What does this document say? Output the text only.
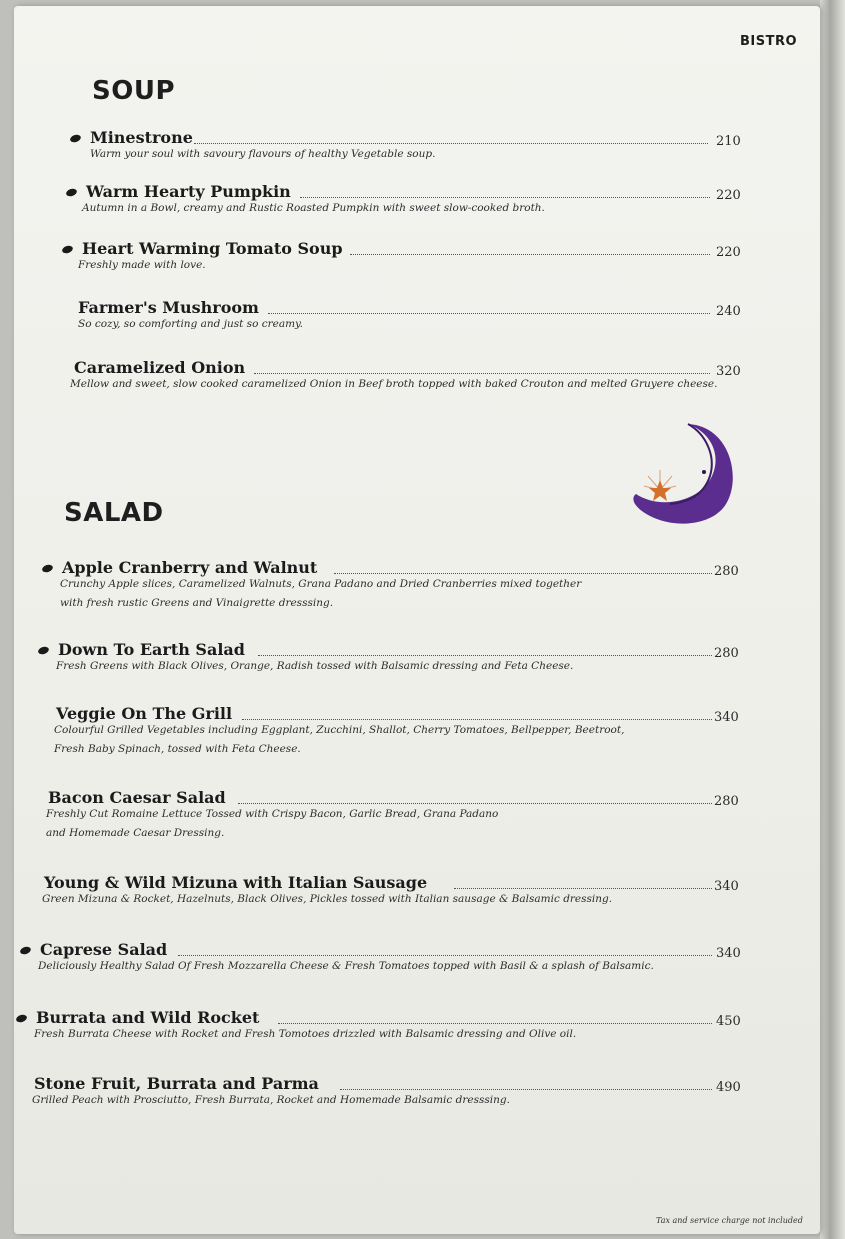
BISTRO
SOUP
SALAD
Minestrone	210
Warm your soul with savoury flavours of healthy Vegetable soup.
Warm Hearty Pumpkin	220
Autumn in a Bowl, creamy and Rustic Roasted Pumpkin with sweet slow-cooked broth.
Heart Warming Tomato Soup	220
Freshly made with love.
Farmer's Mushroom	240
So cozy, so comforting and just so creamy.
Caramelized Onion	320
Mellow and sweet, slow cooked caramelized Onion in Beef broth topped with baked Crouton and melted Gruyere cheese.
Apple Cranberry and Walnut	280
Crunchy Apple slices, Caramelized Walnuts, Grana Padano and Dried Cranberries mixed together
with fresh rustic Greens and Vinaigrette dresssing.
Down To Earth Salad	280
Fresh Greens with Black Olives, Orange, Radish tossed with Balsamic dressing and Feta Cheese.
Veggie On The Grill	340
Colourful Grilled Vegetables including Eggplant, Zucchini, Shallot, Cherry Tomatoes, Bellpepper, Beetroot,
Fresh Baby Spinach, tossed with Feta Cheese.
Bacon Caesar Salad	280
Freshly Cut Romaine Lettuce Tossed with Crispy Bacon, Garlic Bread, Grana Padano
and Homemade Caesar Dressing.
Young & Wild Mizuna with Italian Sausage	340
Green Mizuna & Rocket, Hazelnuts, Black Olives, Pickles tossed with Italian sausage & Balsamic dressing.
Caprese Salad	340
Deliciously Healthy Salad Of Fresh Mozzarella Cheese & Fresh Tomatoes topped with Basil & a splash of Balsamic.
Burrata and Wild Rocket	450
Fresh Burrata Cheese with Rocket and Fresh Tomotoes drizzled with Balsamic dressing and Olive oil.
Stone Fruit, Burrata and Parma	490
Grilled Peach with Prosciutto, Fresh Burrata, Rocket and Homemade Balsamic dresssing.
Tax and service charge not included
